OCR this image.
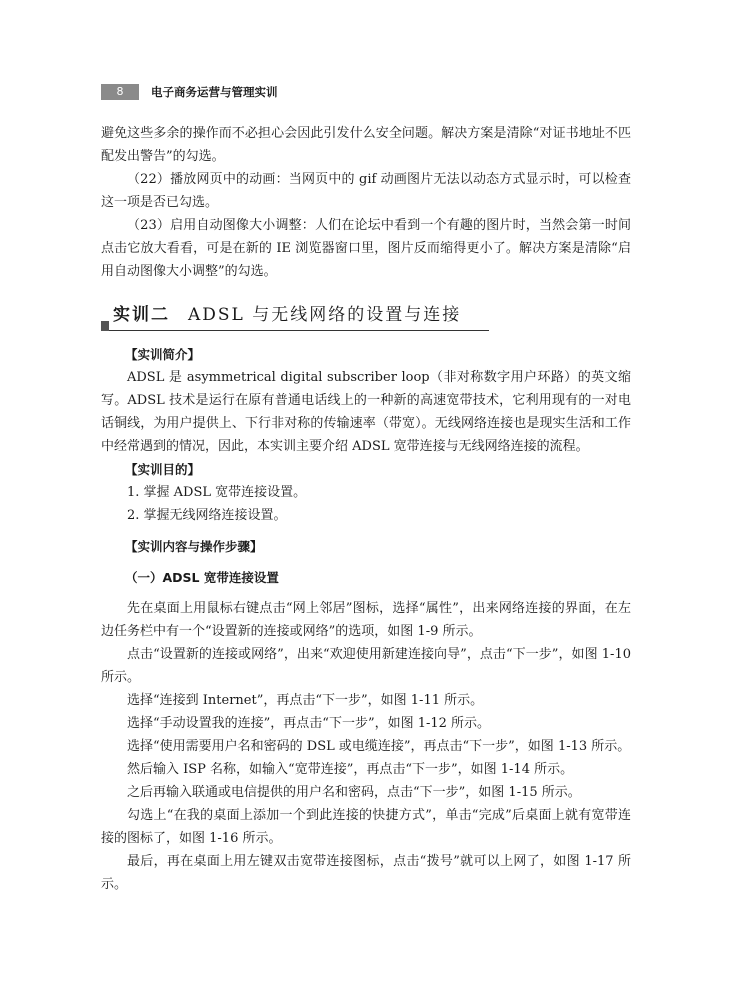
8	电子商务运营与管理实训

避免这些多余的操作而不必担心会因此引发什么安全问题。解决方案是清除“对证书地址不匹配发出警告”的勾选。

（22）播放网页中的动画：当网页中的 gif 动画图片无法以动态方式显示时，可以检查这一项是否已勾选。

（23）启用自动图像大小调整：人们在论坛中看到一个有趣的图片时，当然会第一时间点击它放大看看，可是在新的 IE 浏览器窗口里，图片反而缩得更小了。解决方案是清除“启用自动图像大小调整”的勾选。

实训二 ADSL 与无线网络的设置与连接
【实训简介】

ADSL 是 asymmetrical digital subscriber loop（非对称数字用户环路）的英文缩写。ADSL 技术是运行在原有普通电话线上的一种新的高速宽带技术，它利用现有的一对电话铜线，为用户提供上、下行非对称的传输速率（带宽）。无线网络连接也是现实生活和工作中经常遇到的情况，因此，本实训主要介绍 ADSL 宽带连接与无线网络连接的流程。

【实训目的】

1. 掌握 ADSL 宽带连接设置。

2. 掌握无线网络连接设置。

【实训内容与操作步骤】
（一）ADSL 宽带连接设置

先在桌面上用鼠标右键点击“网上邻居”图标，选择“属性”，出来网络连接的界面，在左边任务栏中有一个“设置新的连接或网络”的选项，如图 1-9 所示。

点击“设置新的连接或网络”，出来“欢迎使用新建连接向导”，点击“下一步”，如图 1-10 所示。

选择“连接到 Internet”，再点击“下一步”，如图 1-11 所示。

选择“手动设置我的连接”，再点击“下一步”，如图 1-12 所示。

选择“使用需要用户名和密码的 DSL 或电缆连接”，再点击“下一步”，如图 1-13 所示。

然后输入 ISP 名称，如输入“宽带连接”，再点击“下一步”，如图 1-14 所示。

之后再输入联通或电信提供的用户名和密码，点击“下一步”，如图 1-15 所示。

勾选上“在我的桌面上添加一个到此连接的快捷方式”，单击“完成”后桌面上就有宽带连接的图标了，如图 1-16 所示。

最后，再在桌面上用左键双击宽带连接图标，点击“拨号”就可以上网了，如图 1-17 所示。
